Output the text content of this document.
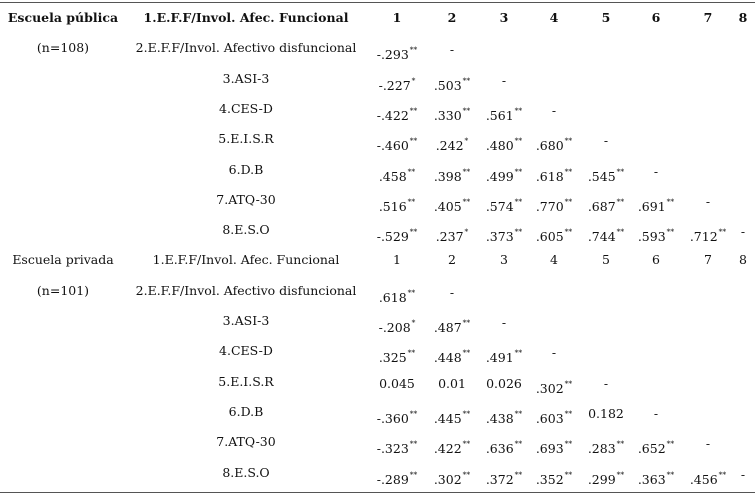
Escuela pública	1.E.F.F/Invol. Afec. Funcional	1	2	3	4	5	6	7	8
(n=108)	2.E.F.F/Invol. Afectivo disfuncional	-.293**	-
3.ASI-3	-.227*	.503**	-
4.CES-D	-.422**	.330**	.561**	-
5.E.I.S.R	-.460**	.242*	.480**	.680**	-
6.D.B	.458**	.398**	.499**	.618**	.545**	-
7.ATQ-30	.516**	.405**	.574**	.770**	.687**	.691**	-
8.E.S.O	-.529**	.237*	.373**	.605**	.744**	.593**	.712**	-
Escuela privada	1.E.F.F/Invol. Afec. Funcional	1	2	3	4	5	6	7	8
(n=101)	2.E.F.F/Invol. Afectivo disfuncional	.618**	-
3.ASI-3	-.208*	.487**	-
4.CES-D	.325**	.448**	.491**	-
5.E.I.S.R	0.045	0.01	0.026	.302**	-
6.D.B	-.360**	.445**	.438**	.603**	0.182	-
7.ATQ-30	-.323**	.422**	.636**	.693**	.283**	.652**	-
8.E.S.O	-.289**	.302**	.372**	.352**	.299**	.363**	.456**	-
